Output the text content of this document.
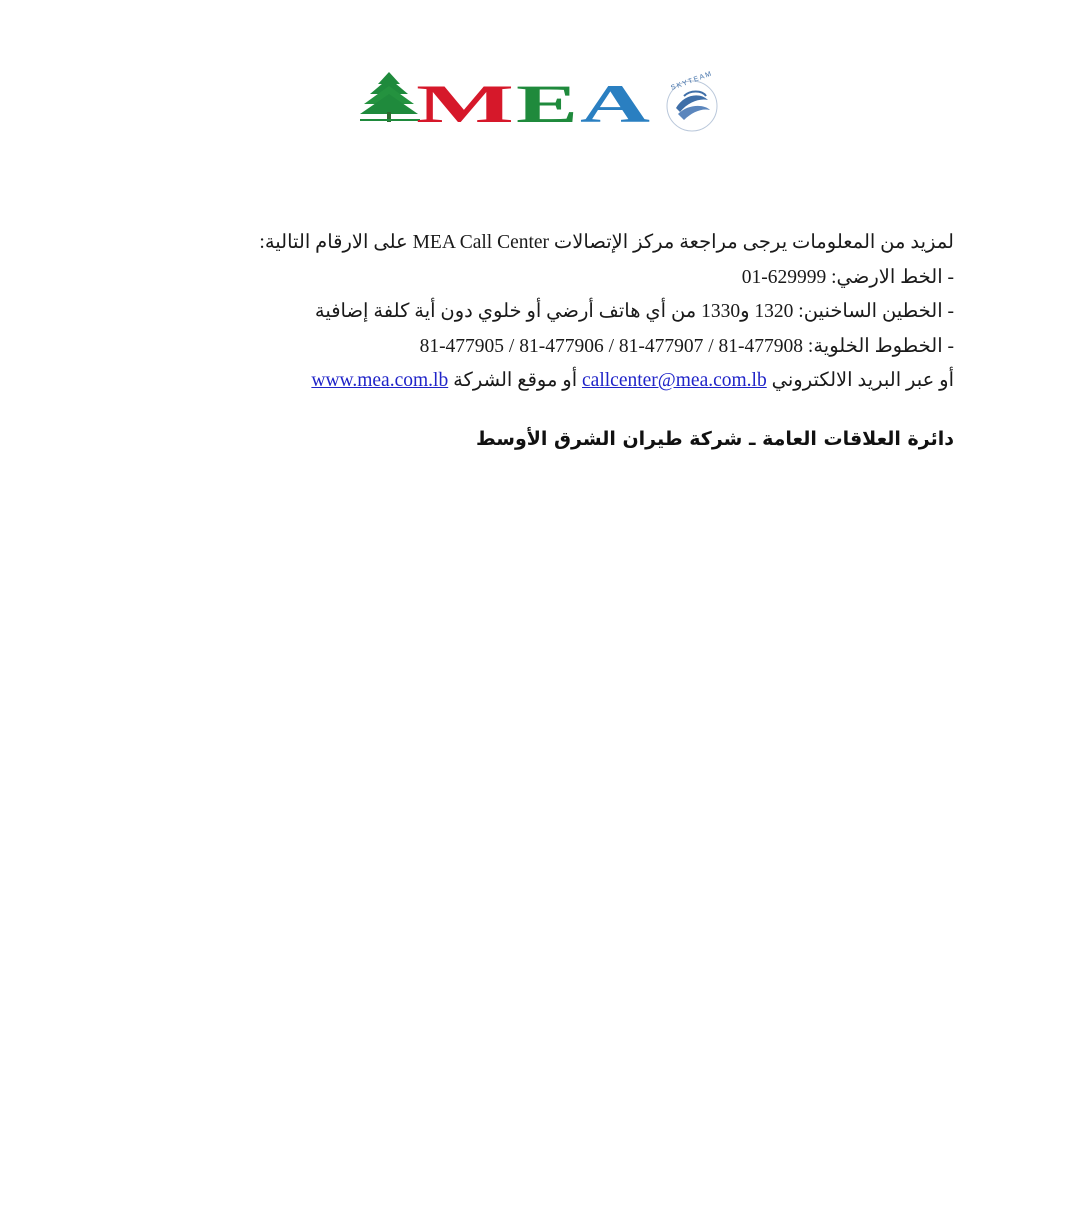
M E A	SKYTEAM
لمزيد من المعلومات يرجى مراجعة مركز الإتصالات MEA Call Center على الارقام التالية:
- الخط الارضي: 01-629999
- الخطين الساخنين: 1320 و1330 من أي هاتف أرضي أو خلوي دون أية كلفة إضافية
- الخطوط الخلوية: 81-477905 / 81-477906 / 81-477907 / 81-477908
أو عبر البريد الالكتروني callcenter@mea.com.lb أو موقع الشركة www.mea.com.lb
دائرة العلاقات العامة ـ شركة طيران الشرق الأوسط
